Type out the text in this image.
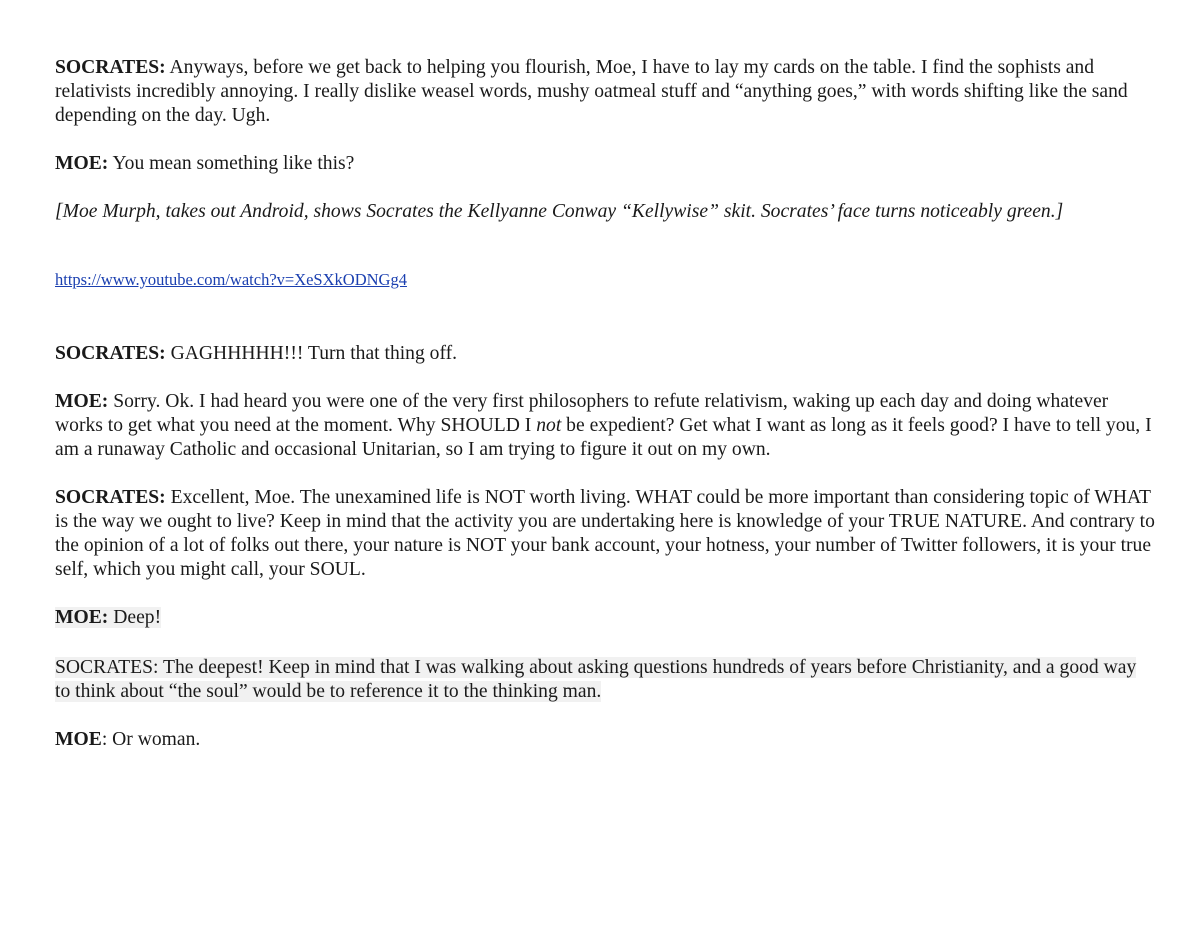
SOCRATES: Anyways, before we get back to helping you flourish, Moe, I have to lay my cards on the table. I find the sophists and relativists incredibly annoying. I really dislike weasel words, mushy oatmeal stuff and “anything goes,” with words shifting like the sand depending on the day. Ugh.

MOE: You mean something like this?

[Moe Murph, takes out Android, shows Socrates the Kellyanne Conway “Kellywise” skit. Socrates’ face turns noticeably green.]

https://www.youtube.com/watch?v=XeSXkODNGg4

SOCRATES: GAGHHHHH!!! Turn that thing off.

MOE: Sorry. Ok. I had heard you were one of the very first philosophers to refute relativism, waking up each day and doing whatever works to get what you need at the moment. Why SHOULD I not be expedient? Get what I want as long as it feels good? I have to tell you, I am a runaway Catholic and occasional Unitarian, so I am trying to figure it out on my own.

SOCRATES: Excellent, Moe. The unexamined life is NOT worth living. WHAT could be more important than considering topic of WHAT is the way we ought to live? Keep in mind that the activity you are undertaking here is knowledge of your TRUE NATURE. And contrary to the opinion of a lot of folks out there, your nature is NOT your bank account, your hotness, your number of Twitter followers, it is your true self, which you might call, your SOUL.

MOE: Deep!

SOCRATES: The deepest! Keep in mind that I was walking about asking questions hundreds of years before Christianity, and a good way to think about “the soul” would be to reference it to the thinking man.

MOE: Or woman.
